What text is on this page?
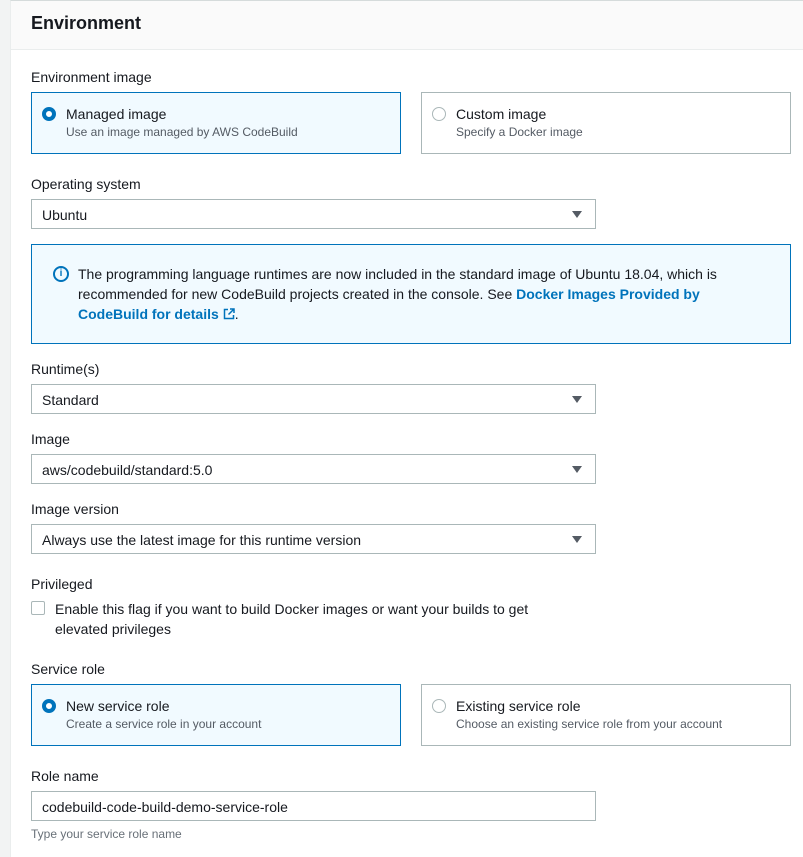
Environment
Environment image
Managed image
Use an image managed by AWS CodeBuild
Custom image
Specify a Docker image
Operating system
Ubuntu
i	The programming language runtimes are now included in the standard image of Ubuntu 18.04, which is recommended for new CodeBuild projects created in the console. See Docker Images Provided by CodeBuild for details .
Runtime(s)
Standard
Image
aws/codebuild/standard:5.0
Image version
Always use the latest image for this runtime version
Privileged
Enable this flag if you want to build Docker images or want your builds to get elevated privileges
Service role
New service role
Create a service role in your account
Existing service role
Choose an existing service role from your account
Role name
codebuild-code-build-demo-service-role
Type your service role name
